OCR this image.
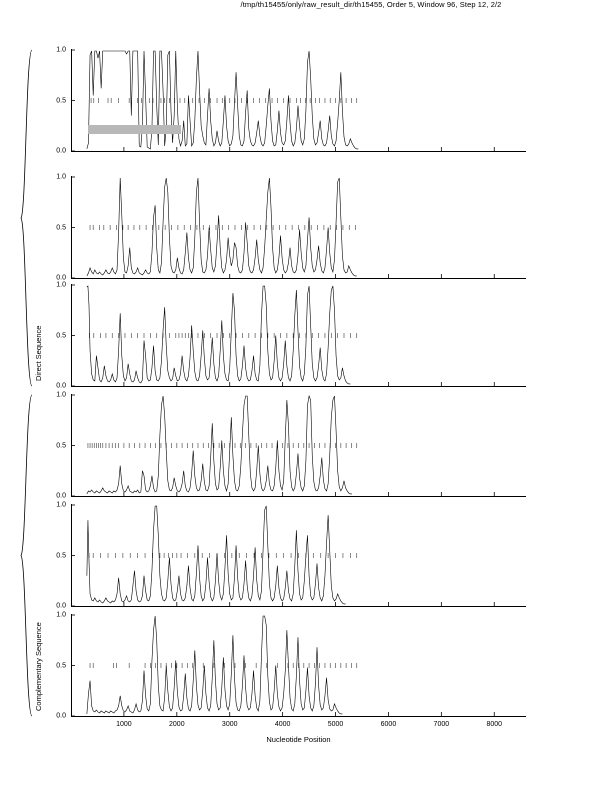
/tmp/th15455/only/raw_result_dir/th15455, Order 5, Window 96, Step 12, 2/2
Direct Sequence
Complementary Sequence
Nucleotide Position
0.0
0.5
1.0
0.0
0.5
1.0
0.0
0.5
1.0
0.0
0.5
1.0
0.0
0.5
1.0
0.0
0.5
1.0
1000	2000	3000	4000	5000	6000	7000	8000
